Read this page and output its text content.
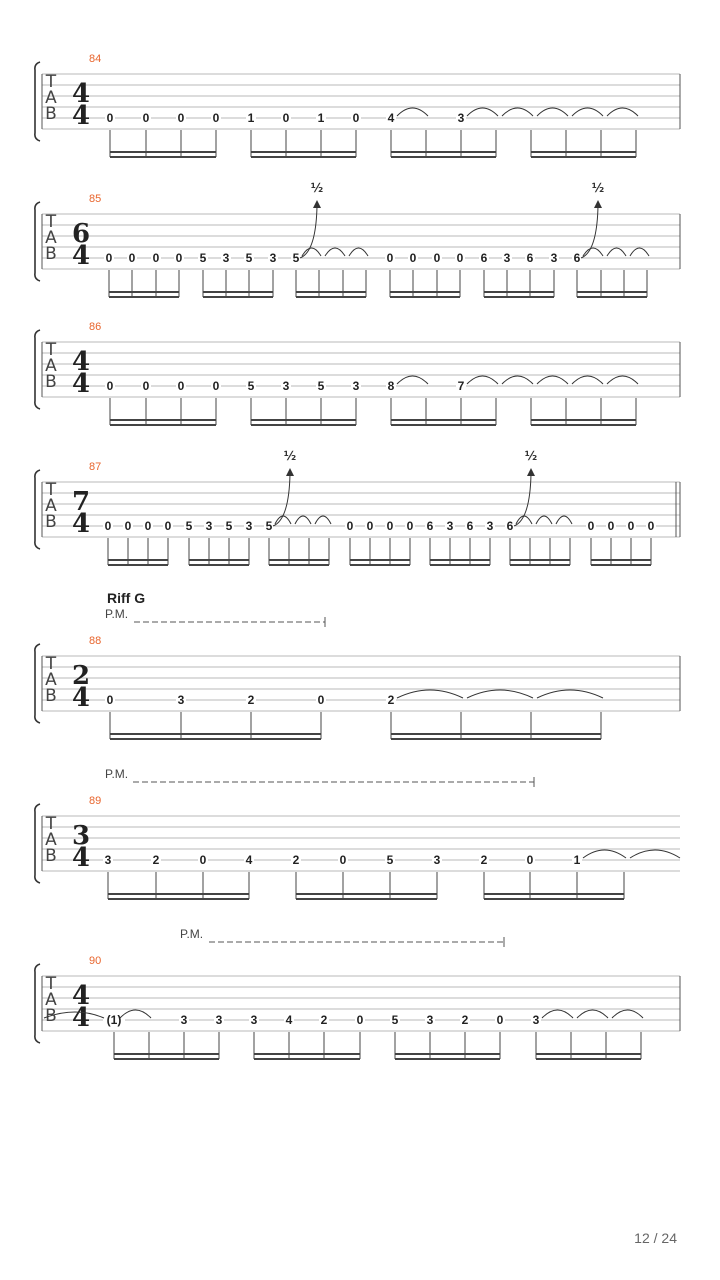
84
T
A
B
4
4 0 0 0 0 1 0 1 0 4	3
85
T
A
B
6
4 0 0 0 0 5 3 5 3 5	0 0 0 0 6 3 6 3 6
½	½
86
T
A
B
4
4 0 0 0 0 5 3 5 3 8	7
87
T
A
B
7
4 0 0 0 0 5 3 5 3 5	0 0 0 0 6 3 6 3 6	0 0 0 0
½	½
88
Riff G
P.M.
T
A
B
2
4 0	3	2	0	2
89
P.M.
T
A
B
3
4 3	2	0	4	2	0	5	3	2	0	1
90
P.M.
T
A
B
4
4 (1)	3 3 3 4 2 0 5 3 2 0 3
12 / 24
